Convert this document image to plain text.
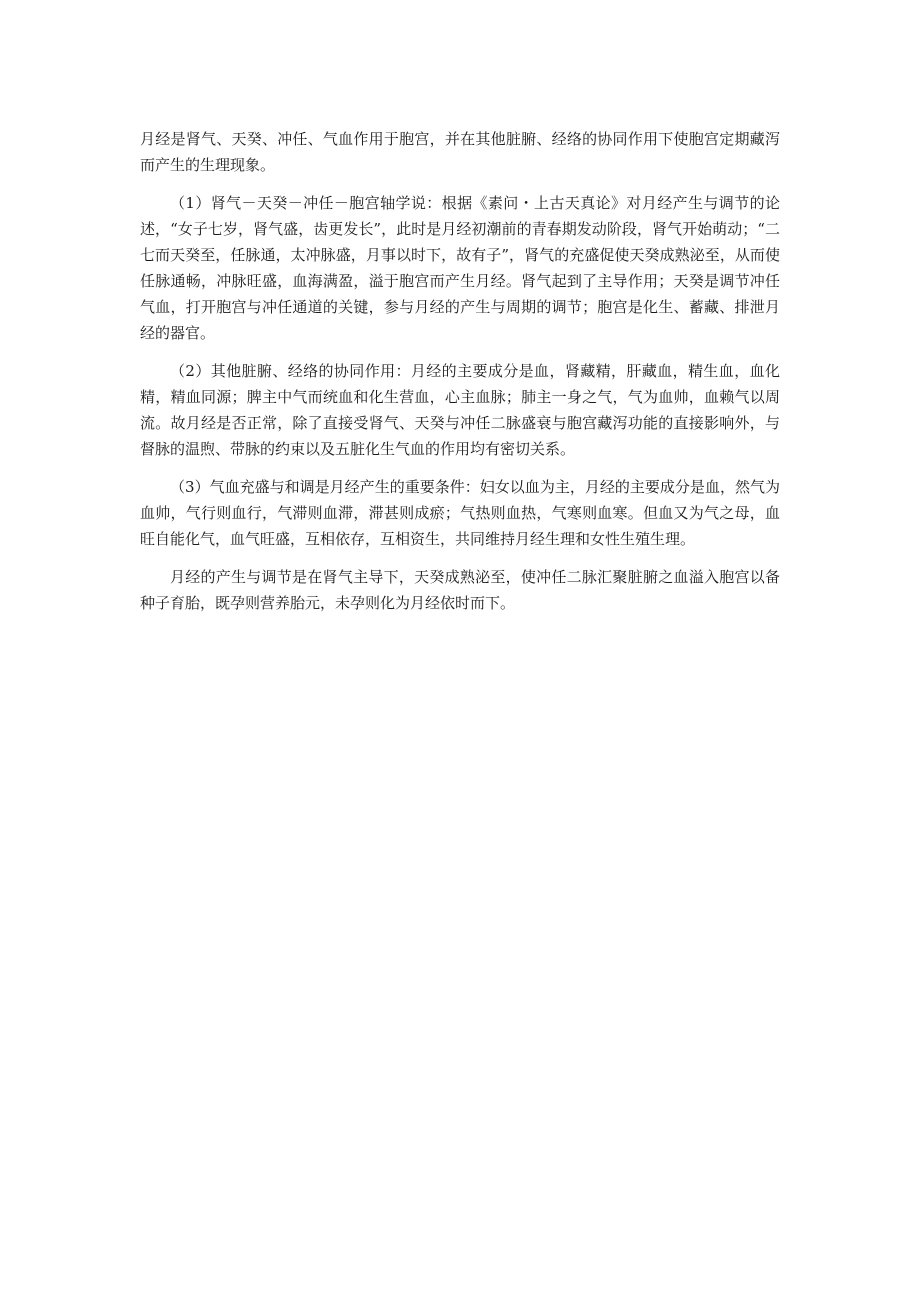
月经是肾气、天癸、冲任、气血作用于胞宫，并在其他脏腑、经络的协同作用下使胞宫定期藏泻而产生的生理现象。

（1）肾气－天癸－冲任－胞宫轴学说：根据《素问・上古天真论》对月经产生与调节的论述，“女子七岁，肾气盛，齿更发长”，此时是月经初潮前的青春期发动阶段，肾气开始萌动；“二七而天癸至，任脉通，太冲脉盛，月事以时下，故有子”，肾气的充盛促使天癸成熟泌至，从而使任脉通畅，冲脉旺盛，血海满盈，溢于胞宫而产生月经。肾气起到了主导作用；天癸是调节冲任气血，打开胞宫与冲任通道的关键，参与月经的产生与周期的调节；胞宫是化生、蓄藏、排泄月经的器官。

（2）其他脏腑、经络的协同作用：月经的主要成分是血，肾藏精，肝藏血，精生血，血化精，精血同源；脾主中气而统血和化生营血，心主血脉；肺主一身之气，气为血帅，血赖气以周流。故月经是否正常，除了直接受肾气、天癸与冲任二脉盛衰与胞宫藏泻功能的直接影响外，与督脉的温煦、带脉的约束以及五脏化生气血的作用均有密切关系。

（3）气血充盛与和调是月经产生的重要条件：妇女以血为主，月经的主要成分是血，然气为血帅，气行则血行，气滞则血滞，滞甚则成瘀；气热则血热，气寒则血寒。但血又为气之母，血旺自能化气，血气旺盛，互相依存，互相资生，共同维持月经生理和女性生殖生理。

月经的产生与调节是在肾气主导下，天癸成熟泌至，使冲任二脉汇聚脏腑之血溢入胞宫以备种子育胎，既孕则营养胎元，未孕则化为月经依时而下。
